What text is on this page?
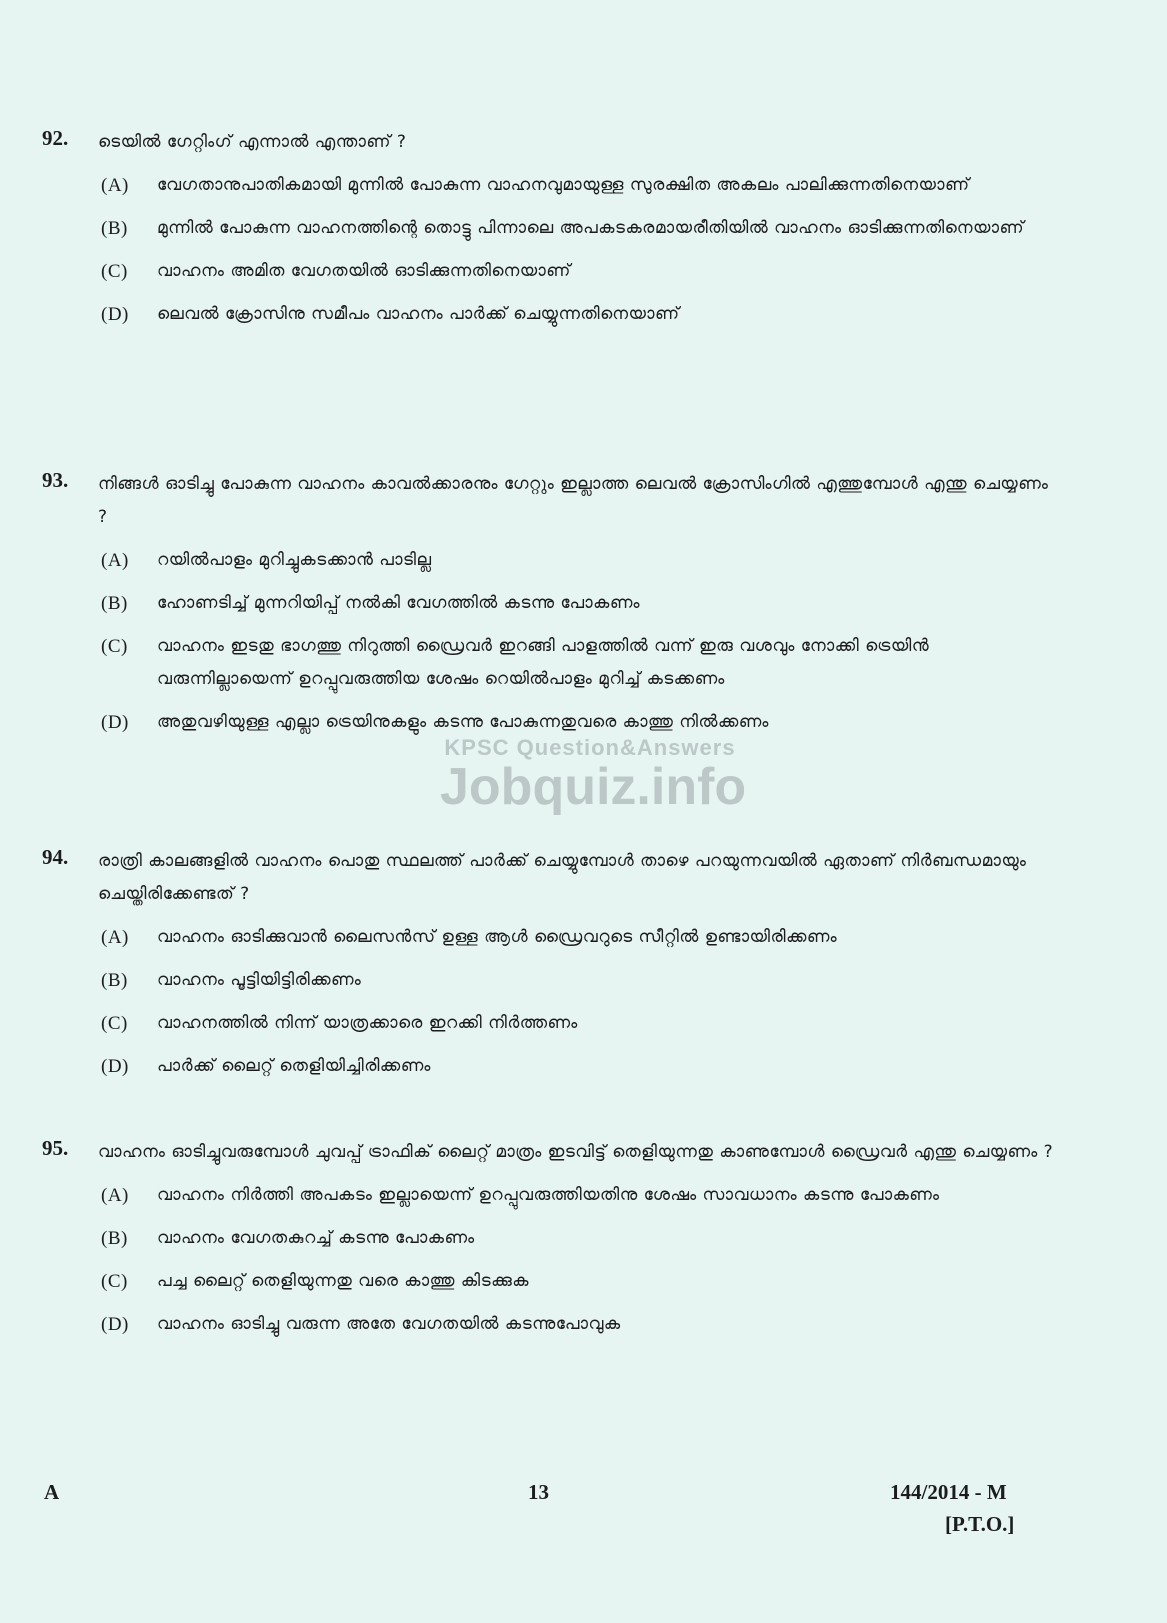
92. ടെയിൽ ഗേറ്റിംഗ് എന്നാൽ എന്താണ് ?
(A) വേഗതാനുപാതികമായി മുന്നിൽ പോകുന്ന വാഹനവുമായുള്ള സുരക്ഷിത അകലം പാലിക്കുന്നതിനെയാണ്
(B) മുന്നിൽ പോകുന്ന വാഹനത്തിന്റെ തൊട്ടു പിന്നാലെ അപകടകരമായരീതിയിൽ വാഹനം ഓടിക്കുന്നതിനെയാണ്
(C) വാഹനം അമിത വേഗതയിൽ ഓടിക്കുന്നതിനെയാണ്
(D) ലെവൽ ക്രോസിനു സമീപം വാഹനം പാർക്ക് ചെയ്യുന്നതിനെയാണ്
93. നിങ്ങൾ ഓടിച്ചു പോകുന്ന വാഹനം കാവൽക്കാരനും ഗേറ്റും ഇല്ലാത്ത ലെവൽ ക്രോസിംഗിൽ എത്തുമ്പോൾ എന്തു ചെയ്യണം ?
(A) റയിൽപാളം മുറിച്ചുകടക്കാൻ പാടില്ല
(B) ഹോണടിച്ച് മുന്നറിയിപ്പ് നൽകി വേഗത്തിൽ കടന്നു പോകണം
(C) വാഹനം ഇടതു ഭാഗത്തു നിറുത്തി ഡ്രൈവർ ഇറങ്ങി പാളത്തിൽ വന്ന് ഇരു വശവും നോക്കി ട്രെയിൻ വരുന്നില്ലായെന്ന് ഉറപ്പുവരുത്തിയ ശേഷം റെയിൽപാളം മുറിച്ച് കടക്കണം
(D) അതുവഴിയുള്ള എല്ലാ ട്രെയിനുകളും കടന്നു പോകുന്നതുവരെ കാത്തു നിൽക്കണം
94. രാത്രി കാലങ്ങളിൽ വാഹനം പൊതു സ്ഥലത്ത് പാർക്ക് ചെയ്യുമ്പോൾ താഴെ പറയുന്നവയിൽ ഏതാണ് നിർബന്ധമായും ചെയ്തിരിക്കേണ്ടത് ?
(A) വാഹനം ഓടിക്കുവാൻ ലൈസൻസ് ഉള്ള ആൾ ഡ്രൈവറുടെ സീറ്റിൽ ഉണ്ടായിരിക്കണം
(B) വാഹനം പൂട്ടിയിട്ടിരിക്കണം
(C) വാഹനത്തിൽ നിന്ന് യാത്രക്കാരെ ഇറക്കി നിർത്തണം
(D) പാർക്ക് ലൈറ്റ് തെളിയിച്ചിരിക്കണം
95. വാഹനം ഓടിച്ചുവരുമ്പോൾ ചുവപ്പ് ട്രാഫിക് ലൈറ്റ് മാത്രം ഇടവിട്ട് തെളിയുന്നതു കാണുമ്പോൾ ഡ്രൈവർ എന്തു ചെയ്യണം ?
(A) വാഹനം നിർത്തി അപകടം ഇല്ലായെന്ന് ഉറപ്പുവരുത്തിയതിനു ശേഷം സാവധാനം കടന്നു പോകണം
(B) വാഹനം വേഗതകുറച്ച് കടന്നു പോകണം
(C) പച്ച ലൈറ്റ് തെളിയുന്നതു വരെ കാത്തു കിടക്കുക
(D) വാഹനം ഓടിച്ചു വരുന്ന അതേ വേഗതയിൽ കടന്നുപോവുക
KPSC Question&Answers
Jobquiz.info
A	13	144/2014 - M
[P.T.O.]
